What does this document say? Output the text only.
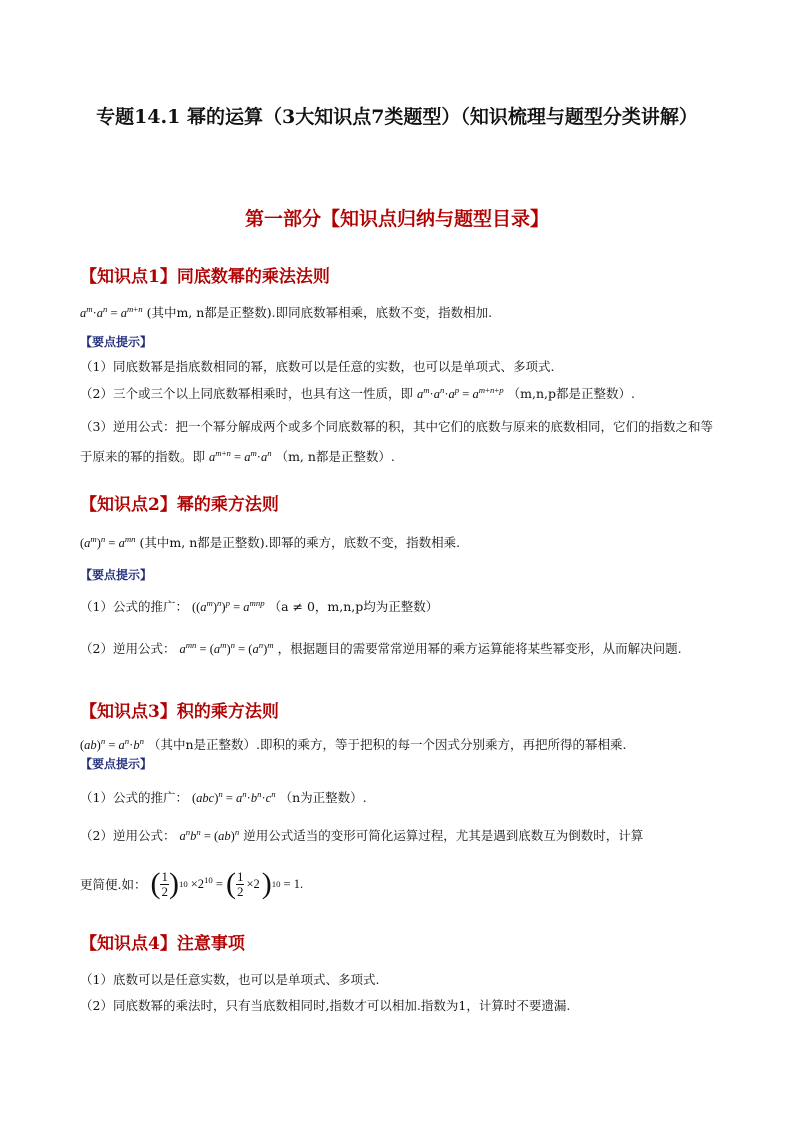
专题14.1 幂的运算（3大知识点7类题型）（知识梳理与题型分类讲解）
第一部分【知识点归纳与题型目录】
【知识点1】同底数幂的乘法法则
$a^m\cdot a^n = a^{m+n}$ (其中m, n都是正整数).即同底数幂相乘，底数不变，指数相加.
【要点提示】
（1）同底数幂是指底数相同的幂，底数可以是任意的实数，也可以是单项式、多项式.
（2）三个或三个以上同底数幂相乘时，也具有这一性质，即 $a^m\cdot a^n\cdot a^p = a^{m+n+p}$ （m,n,p都是正整数）.
（3）逆用公式：把一个幂分解成两个或多个同底数幂的积，其中它们的底数与原来的底数相同，它们的指数之和等于原来的幂的指数。即 $a^{m+n} = a^m\cdot a^n$ （m, n都是正整数）.
【知识点2】幂的乘方法则
$(a^m)^n = a^{mn}$ (其中m, n都是正整数).即幂的乘方，底数不变，指数相乘.
【要点提示】
（1）公式的推广： $((a^m)^n)^p = a^{mnp}$ （a ≠ 0，m,n,p均为正整数）
（2）逆用公式： $a^{mn} = (a^m)^n = (a^n)^m$ ，根据题目的需要常常逆用幂的乘方运算能将某些幂变形，从而解决问题.
【知识点3】积的乘方法则
$(ab)^n = a^n\cdot b^n$ （其中n是正整数）.即积的乘方，等于把积的每一个因式分别乘方，再把所得的幂相乘.
【要点提示】
（1）公式的推广： $(abc)^n = a^n\cdot b^n\cdot c^n$ （n为正整数）.
（2）逆用公式： $a^nb^n = (ab)^n$ 逆用公式适当的变形可简化运算过程，尤其是遇到底数互为倒数时，计算
更简便.如： ( $\frac{1}{2}$ ) $10 \times 2^{10}$ = ( $\frac{1}{2} \times 2$ ) 10 = 1.
【知识点4】注意事项
（1）底数可以是任意实数，也可以是单项式、多项式.
（2）同底数幂的乘法时，只有当底数相同时,指数才可以相加.指数为1，计算时不要遗漏.
